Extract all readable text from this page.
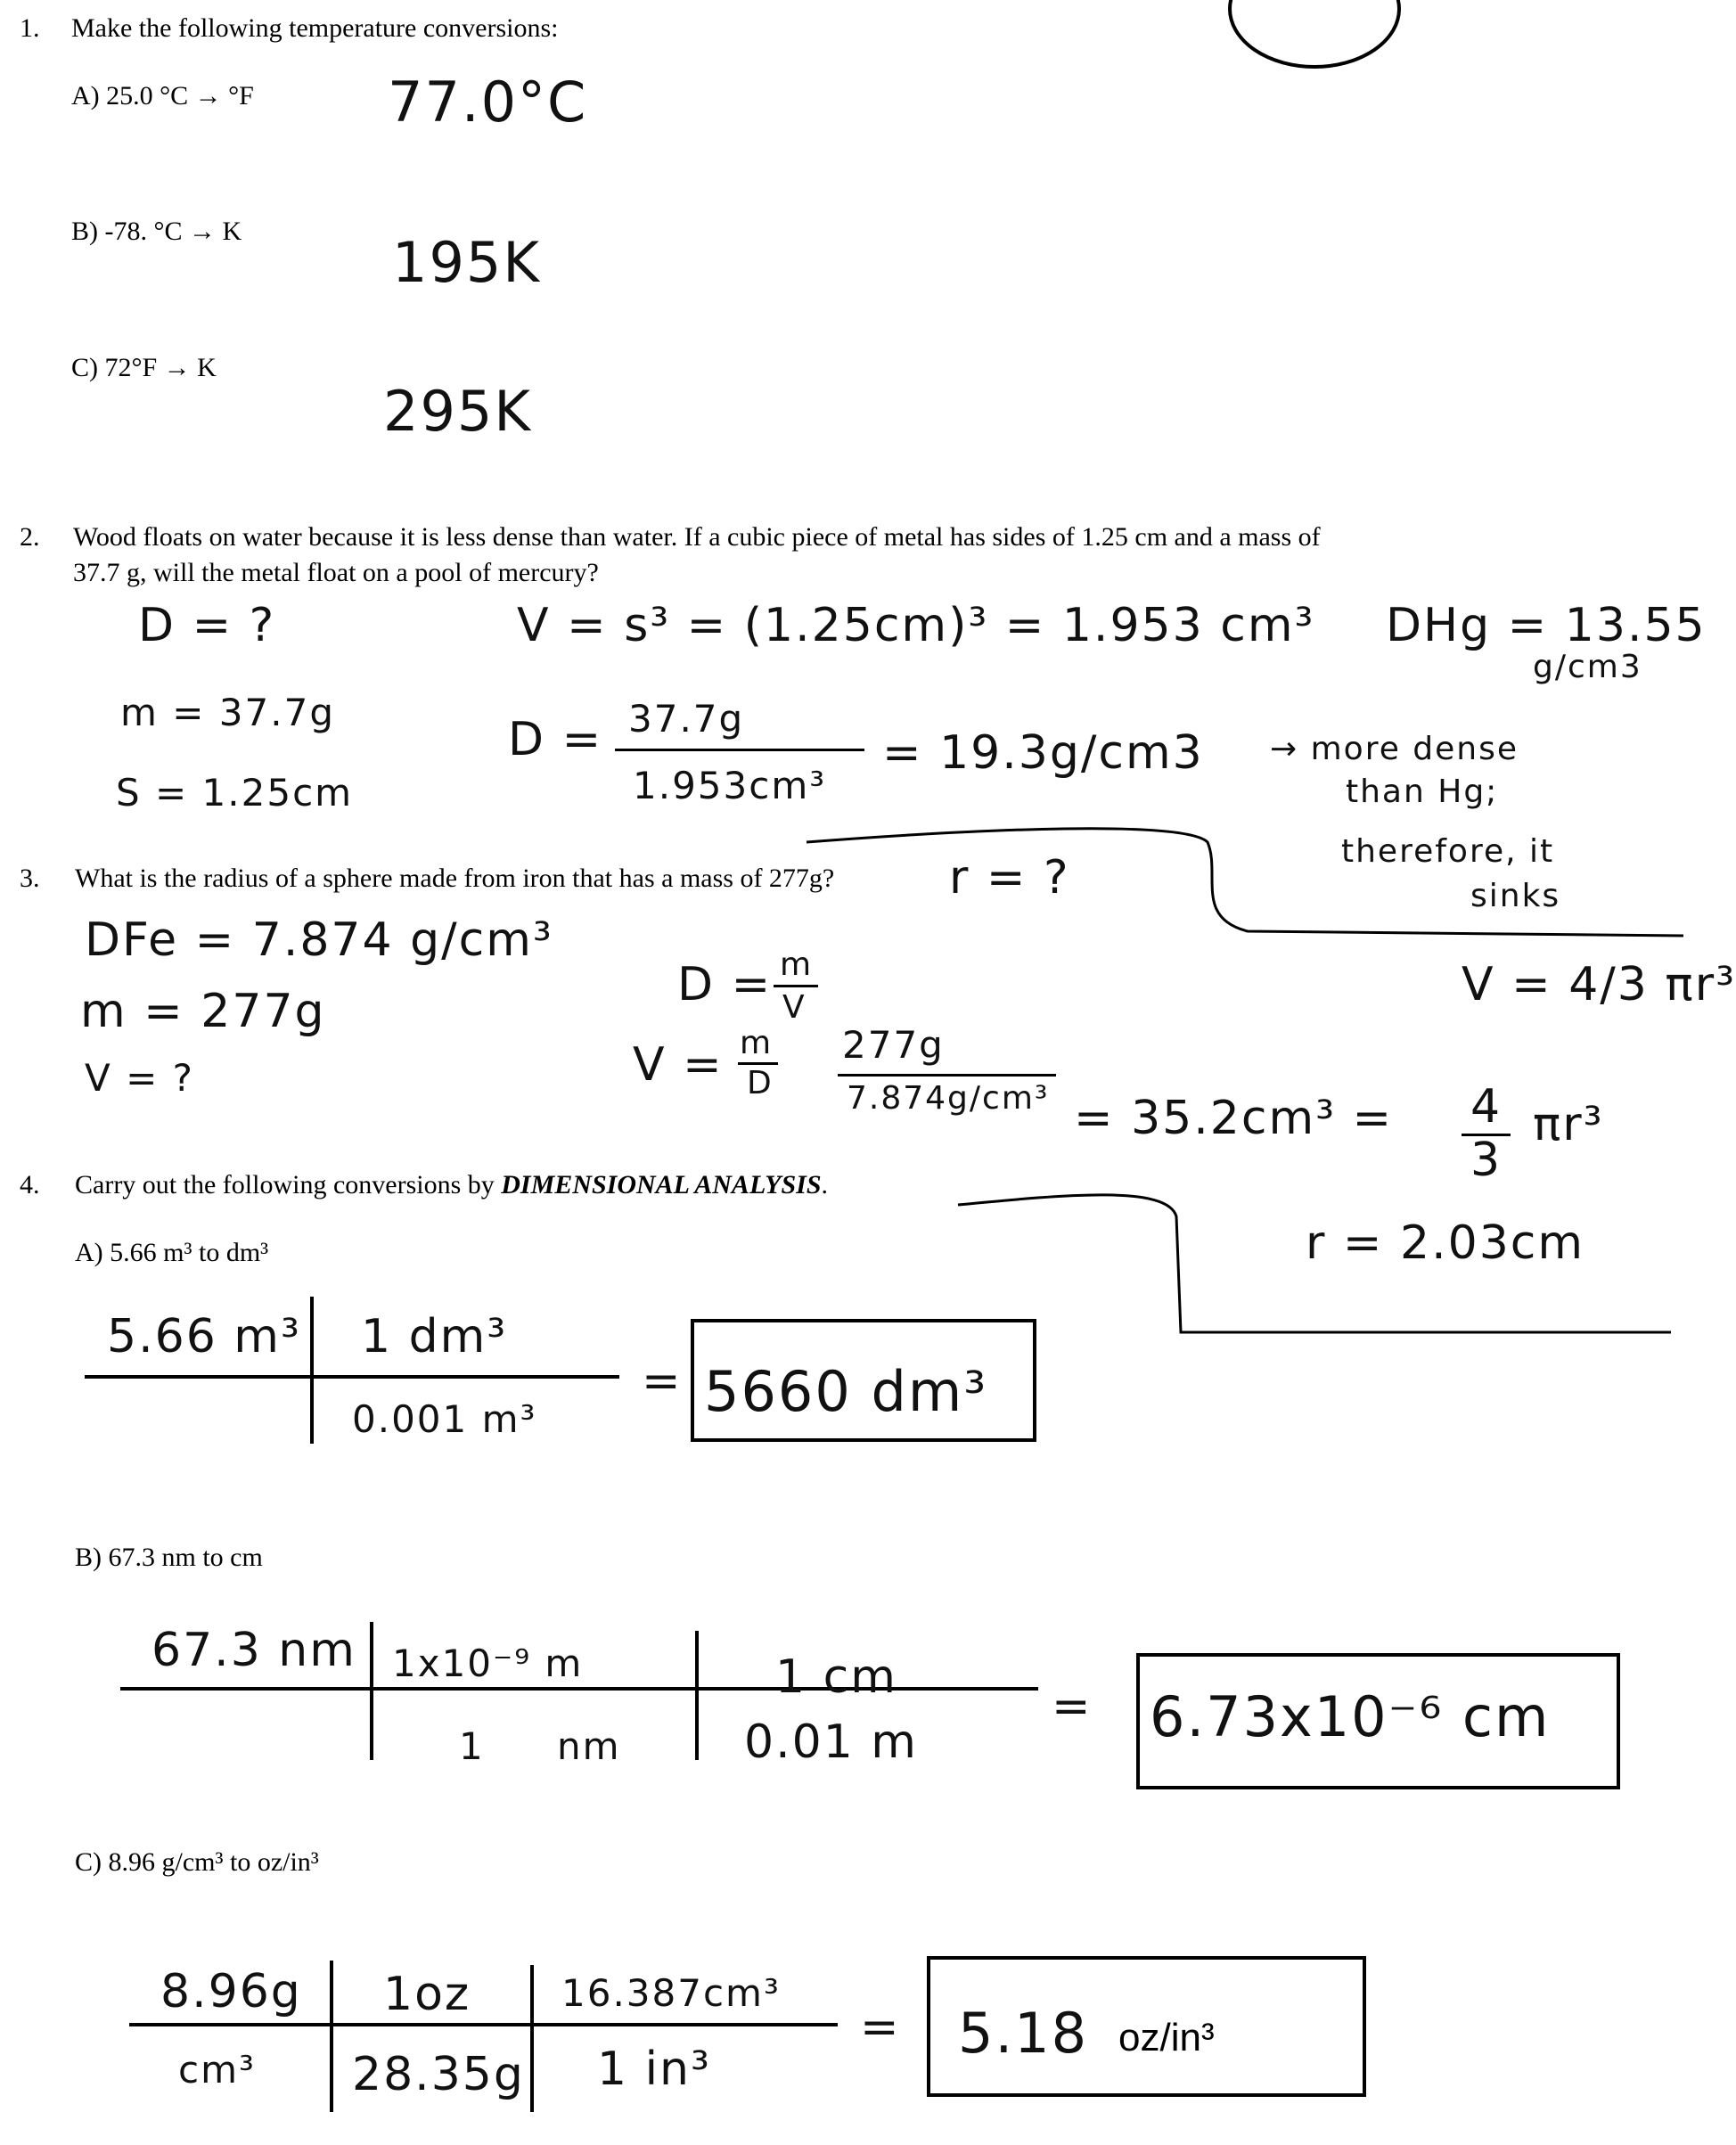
1. Make the following temperature conversions:
A) 25.0 °C → °F 77.0°C
B) -78. °C → K	195K
C) 72°F → K
295K
2. Wood floats on water because it is less dense than water. If a cubic piece of metal has sides of 1.25 cm and a mass of
37.7 g, will the metal float on a pool of mercury?
D = ?
m = 37.7g
S = 1.25cm
V = s³ = (1.25cm)³ = 1.953 cm³
D = 37.7g
1.953cm³
= 19.3g/cm3
DHg = 13.55
g/cm3
→ more dense
than Hg;
therefore, it
sinks
3. What is the radius of a sphere made from iron that has a mass of 277g? r = ?
DFe = 7.874 g/cm³
m = 277g
V = ?
D = m
V	V = 4/3 πr³
V = m
D
277g
7.874g/cm³ = 35.2cm³ = 4
3
πr³
r = 2.03cm
4. Carry out the following conversions by DIMENSIONAL ANALYSIS.
A) 5.66 m³ to dm³
5.66 m³ 1 dm³
0.001 m³
= 5660 dm³
B) 67.3 nm to cm
67.3 nm 1x10⁻⁹ m
1 nm
1 cm
0.01 m
= 6.73x10⁻⁶ cm
C) 8.96 g/cm³ to oz/in³
8.96g
cm³
1oz
28.35g
16.387cm³
1 in³
= 5.18 oz/in³
